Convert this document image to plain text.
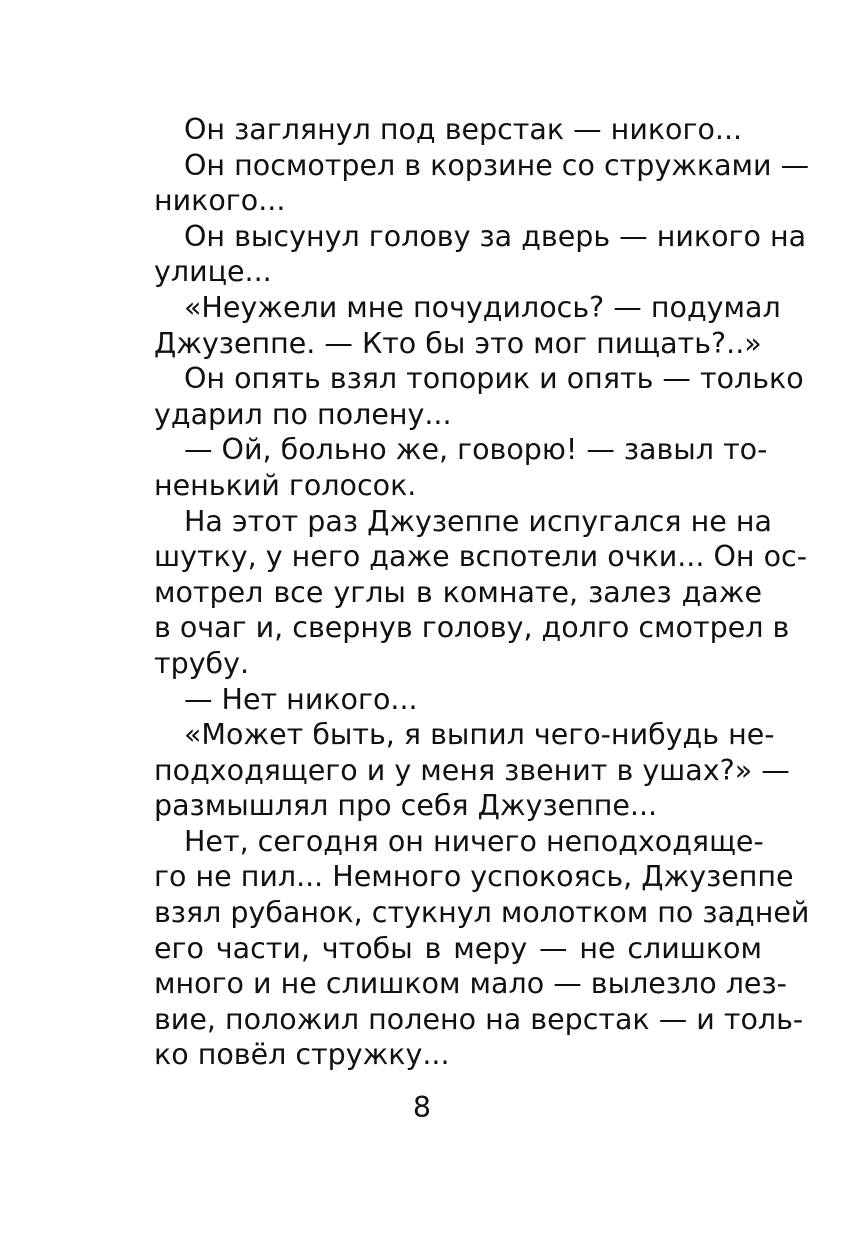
Он заглянул под верстак — никого...
Он посмотрел в корзине со стружками —
никого...
Он высунул голову за дверь — никого на
улице...
«Неужели мне почудилось? — подумал
Джузеппе. — Кто бы это мог пищать?..»
Он опять взял топорик и опять — только
ударил по полену...
— Ой, больно же, говорю! — завыл то-
ненький голосок.
На этот раз Джузеппе испугался не на
шутку, у него даже вспотели очки... Он ос-
мотрел все углы в комнате, залез даже
в очаг и, свернув голову, долго смотрел в
трубу.
— Нет никого...
«Может быть, я выпил чего-нибудь не-
подходящего и у меня звенит в ушах?» —
размышлял про себя Джузеппе...
Нет, сегодня он ничего неподходяще-
го не пил... Немного успокоясь, Джузеппе
взял рубанок, стукнул молотком по задней
его части, чтобы в меру — не слишком
много и не слишком мало — вылезло лез-
вие, положил полено на верстак — и толь-
ко повёл стружку...
8
